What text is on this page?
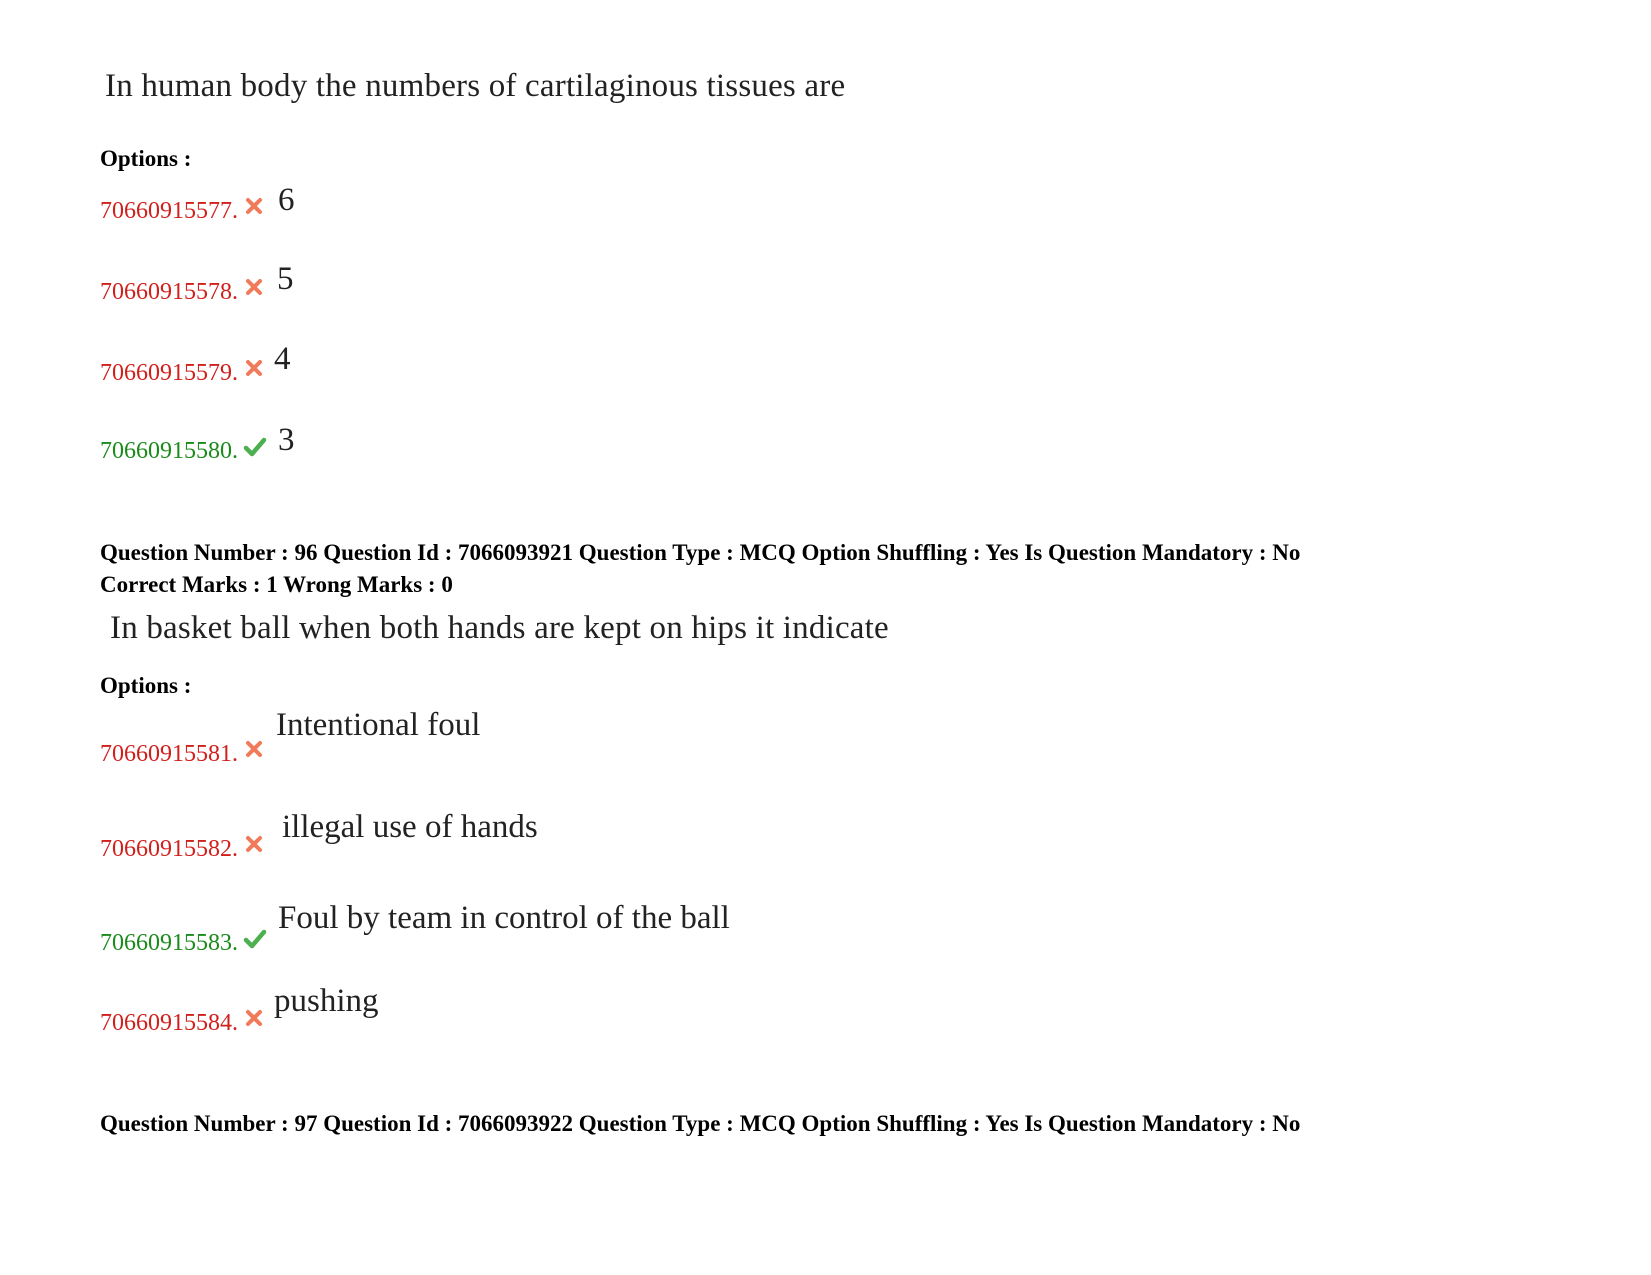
In human body the numbers of cartilaginous tissues are
Options :
70660915577. 6
70660915578. 5
70660915579. 4
70660915580. 3
Question Number : 96 Question Id : 7066093921 Question Type : MCQ Option Shuffling : Yes Is Question Mandatory : No
Correct Marks : 1 Wrong Marks : 0
In basket ball when both hands are kept on hips it indicate
Options :
70660915581.
Intentional foul
70660915582.
illegal use of hands
70660915583.
Foul by team in control of the ball
70660915584.
pushing
Question Number : 97 Question Id : 7066093922 Question Type : MCQ Option Shuffling : Yes Is Question Mandatory : No
